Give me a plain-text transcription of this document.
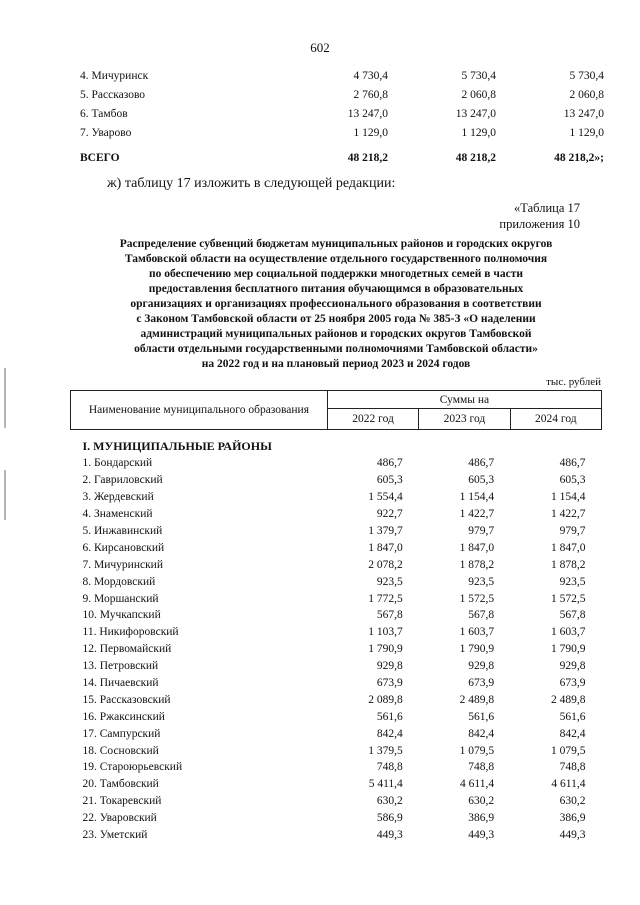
602
4. Мичуринск	4 730,4	5 730,4	5 730,4
5. Рассказово	2 760,8	2 060,8	2 060,8
6. Тамбов	13 247,0	13 247,0	13 247,0
7. Уварово	1 129,0	1 129,0	1 129,0
ВСЕГО	48 218,2	48 218,2	48 218,2»;
ж) таблицу 17 изложить в следующей редакции:
«Таблица 17
приложения 10
Распределение субвенций бюджетам муниципальных районов и городских округов
Тамбовской области на осуществление отдельного государственного полномочия
по обеспечению мер социальной поддержки многодетных семей в части
предоставления бесплатного питания обучающимся в образовательных
организациях и организациях профессионального образования в соответствии
с Законом Тамбовской области от 25 ноября 2005 года № 385-З «О наделении
администраций муниципальных районов и городских округов Тамбовской
области отдельными государственными полномочиями Тамбовской области»
на 2022 год и на плановый период 2023 и 2024 годов
тыс. рублей
Наименование муниципального образования	Суммы на		
	2022 год	2023 год	2024 год
I. МУНИЦИПАЛЬНЫЕ РАЙОНЫ			
1. Бондарский	486,7	486,7	486,7
2. Гавриловский	605,3	605,3	605,3
3. Жердевский	1 554,4	1 154,4	1 154,4
4. Знаменский	922,7	1 422,7	1 422,7
5. Инжавинский	1 379,7	979,7	979,7
6. Кирсановский	1 847,0	1 847,0	1 847,0
7. Мичуринский	2 078,2	1 878,2	1 878,2
8. Мордовский	923,5	923,5	923,5
9. Моршанский	1 772,5	1 572,5	1 572,5
10. Мучкапский	567,8	567,8	567,8
11. Никифоровский	1 103,7	1 603,7	1 603,7
12. Первомайский	1 790,9	1 790,9	1 790,9
13. Петровский	929,8	929,8	929,8
14. Пичаевский	673,9	673,9	673,9
15. Рассказовский	2 089,8	2 489,8	2 489,8
16. Ржаксинский	561,6	561,6	561,6
17. Сампурский	842,4	842,4	842,4
18. Сосновский	1 379,5	1 079,5	1 079,5
19. Староюрьевский	748,8	748,8	748,8
20. Тамбовский	5 411,4	4 611,4	4 611,4
21. Токаревский	630,2	630,2	630,2
22. Уваровский	586,9	386,9	386,9
23. Уметский	449,3	449,3	449,3
